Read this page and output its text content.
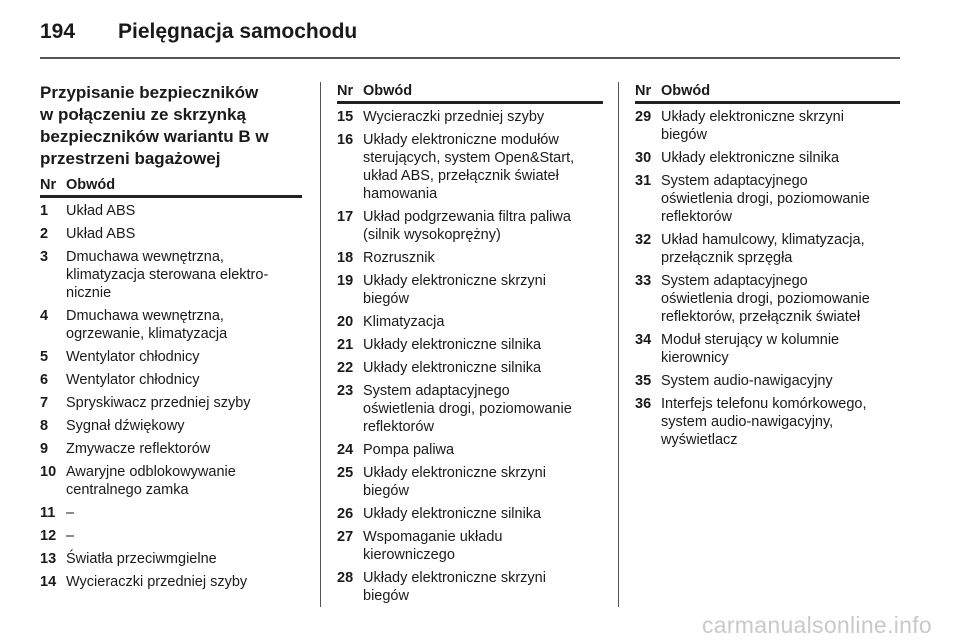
194 Pielęgnacja samochodu
Przypisanie bezpieczników
w połączeniu ze skrzynką
bezpieczników wariantu B w
przestrzeni bagażowej
Nr Obwód
1	Układ ABS
2	Układ ABS
3	Dmuchawa wewnętrzna,
klimatyzacja sterowana elektro-
nicznie
4	Dmuchawa wewnętrzna,
ogrzewanie, klimatyzacja
5	Wentylator chłodnicy
6	Wentylator chłodnicy
7	Spryskiwacz przedniej szyby
8	Sygnał dźwiękowy
9	Zmywacze reflektorów
10 Awaryjne odblokowywanie
centralnego zamka
11 –
12 –
13 Światła przeciwmgielne
14 Wycieraczki przedniej szyby
Nr Obwód
15 Wycieraczki przedniej szyby
16 Układy elektroniczne modułów
sterujących, system Open&Start,
układ ABS, przełącznik świateł
hamowania
17 Układ podgrzewania filtra paliwa
(silnik wysokoprężny)
18 Rozrusznik
19 Układy elektroniczne skrzyni
biegów
20 Klimatyzacja
21 Układy elektroniczne silnika
22 Układy elektroniczne silnika
23 System adaptacyjnego
oświetlenia drogi, poziomowanie
reflektorów
24 Pompa paliwa
25 Układy elektroniczne skrzyni
biegów
26 Układy elektroniczne silnika
27 Wspomaganie układu
kierowniczego
28 Układy elektroniczne skrzyni
biegów
Nr Obwód
29 Układy elektroniczne skrzyni
biegów
30 Układy elektroniczne silnika
31 System adaptacyjnego
oświetlenia drogi, poziomowanie
reflektorów
32 Układ hamulcowy, klimatyzacja,
przełącznik sprzęgła
33 System adaptacyjnego
oświetlenia drogi, poziomowanie
reflektorów, przełącznik świateł
34 Moduł sterujący w kolumnie
kierownicy
35 System audio-nawigacyjny
36 Interfejs telefonu komórkowego,
system audio-nawigacyjny,
wyświetlacz
carmanualsonline.info
